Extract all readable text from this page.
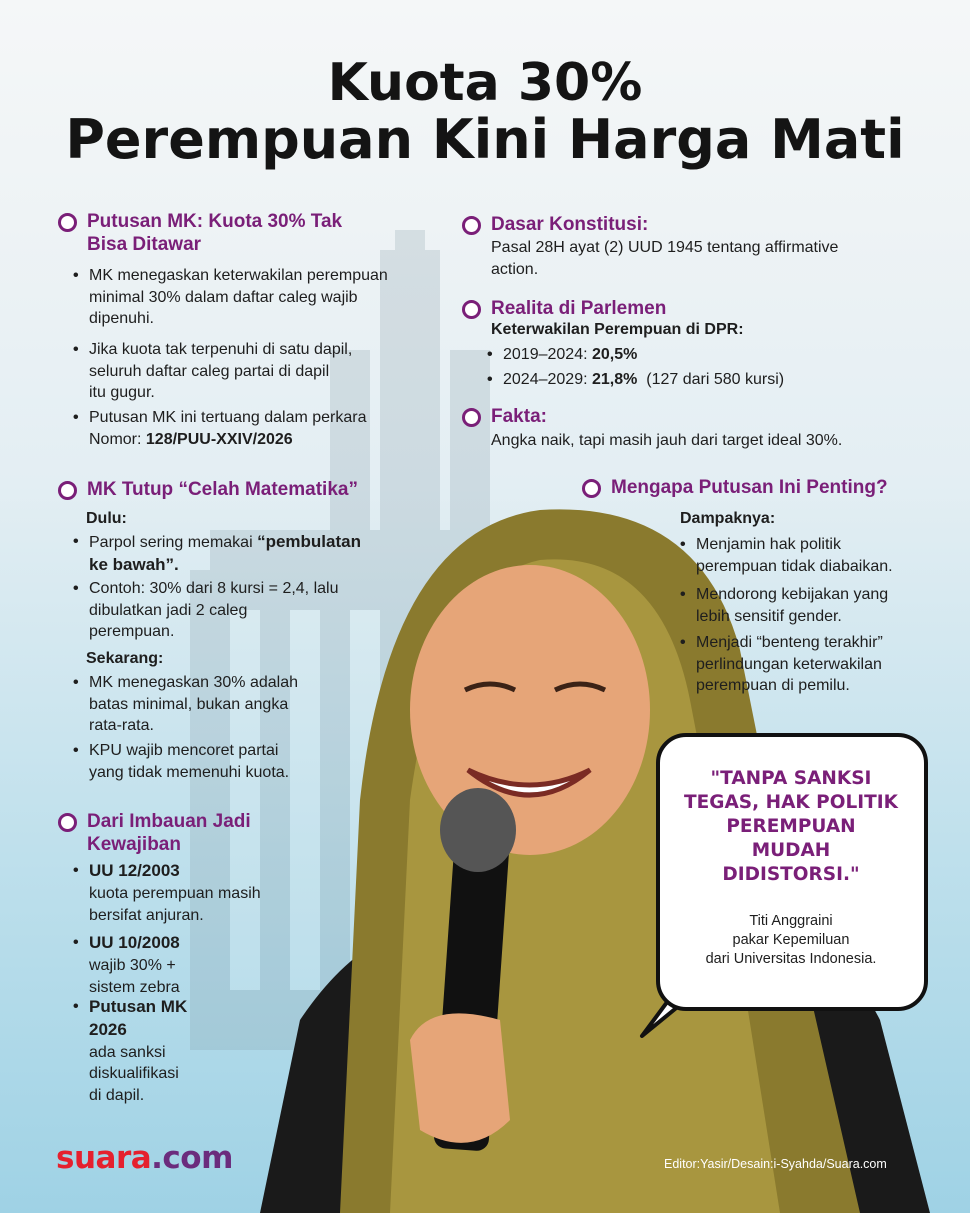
Kuota 30%
Perempuan Kini Harga Mati
Putusan MK: Kuota 30% Tak
Bisa Ditawar
• MK menegaskan keterwakilan perempuan
minimal 30% dalam daftar caleg wajib
dipenuhi.
• Jika kuota tak terpenuhi di satu dapil,
seluruh daftar caleg partai di dapil
itu gugur.
• Putusan MK ini tertuang dalam perkara
Nomor: 128/PUU-XXIV/2026
MK Tutup “Celah Matematika”
Dulu:
• Parpol sering memakai “pembulatan
ke bawah”.
• Contoh: 30% dari 8 kursi = 2,4, lalu
dibulatkan jadi 2 caleg
perempuan.
Sekarang:
• MK menegaskan 30% adalah
batas minimal, bukan angka
rata-rata.
• KPU wajib mencoret partai
yang tidak memenuhi kuota.
Dari Imbauan Jadi
Kewajiban
• UU 12/2003
kuota perempuan masih
bersifat anjuran.
• UU 10/2008
wajib 30% +
sistem zebra
• Putusan MK
2026
ada sanksi
diskualifikasi
di dapil.
Dasar Konstitusi:
Pasal 28H ayat (2) UUD 1945 tentang affirmative
action.
Realita di Parlemen
Keterwakilan Perempuan di DPR:
• 2019–2024: 20,5%
• 2024–2029: 21,8% (127 dari 580 kursi)
Fakta:
Angka naik, tapi masih jauh dari target ideal 30%.
Mengapa Putusan Ini Penting?
Dampaknya:
• Menjamin hak politik
perempuan tidak diabaikan.
• Mendorong kebijakan yang
lebih sensitif gender.
• Menjadi “benteng terakhir”
perlindungan keterwakilan
perempuan di pemilu.
"TANPA SANKSI
TEGAS, HAK POLITIK
PEREMPUAN
MUDAH
DIDISTORSI."
Titi Anggraini
pakar Kepemiluan
dari Universitas Indonesia.
suara.com	Editor:Yasir/Desain:i-Syahda/Suara.com
